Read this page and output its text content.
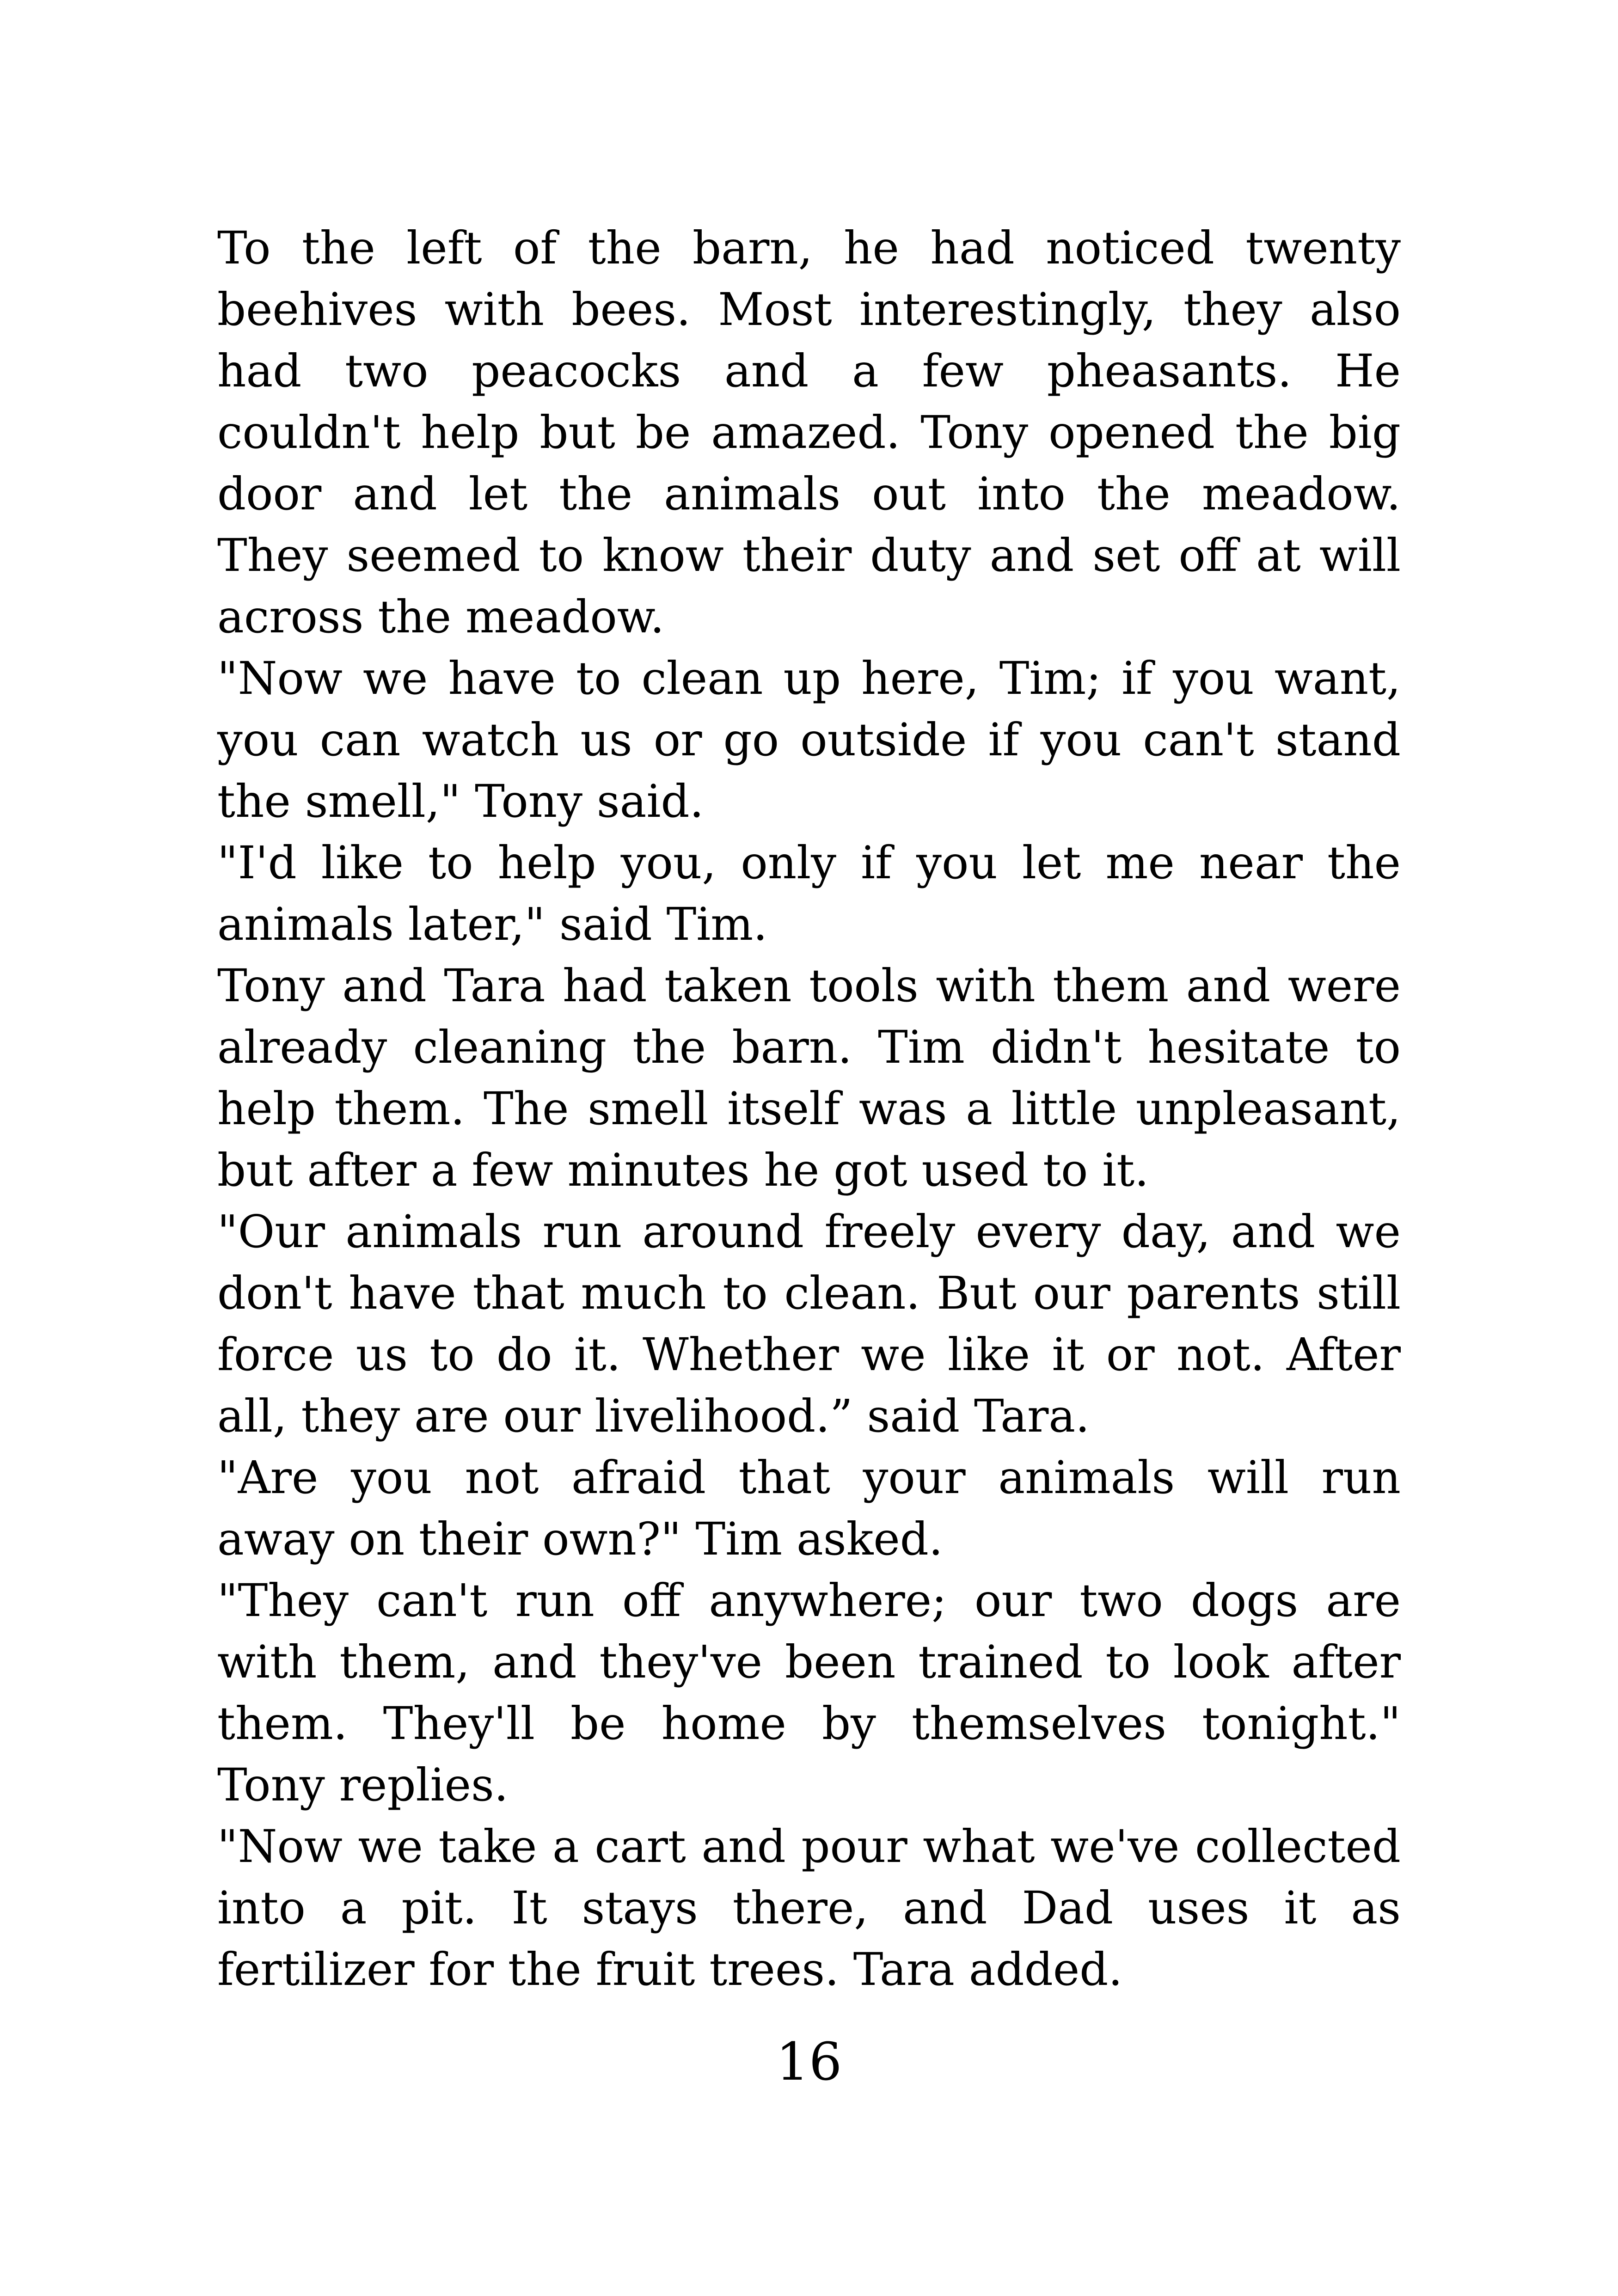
To the left of the barn, he had noticed twenty
beehives with bees. Most interestingly, they also
had two peacocks and a few pheasants. He
couldn't help but be amazed. Tony opened the big
door and let the animals out into the meadow.
They seemed to know their duty and set off at will
across the meadow.
"Now we have to clean up here, Tim; if you want,
you can watch us or go outside if you can't stand
the smell," Tony said.
"I'd like to help you, only if you let me near the
animals later," said Tim.
Tony and Tara had taken tools with them and were
already cleaning the barn. Tim didn't hesitate to
help them. The smell itself was a little unpleasant,
but after a few minutes he got used to it.
"Our animals run around freely every day, and we
don't have that much to clean. But our parents still
force us to do it. Whether we like it or not. After
all, they are our livelihood.” said Tara.
"Are you not afraid that your animals will run
away on their own?" Tim asked.
"They can't run off anywhere; our two dogs are
with them, and they've been trained to look after
them. They'll be home by themselves tonight."
Tony replies.
"Now we take a cart and pour what we've collected
into a pit. It stays there, and Dad uses it as
fertilizer for the fruit trees. Tara added.
16
